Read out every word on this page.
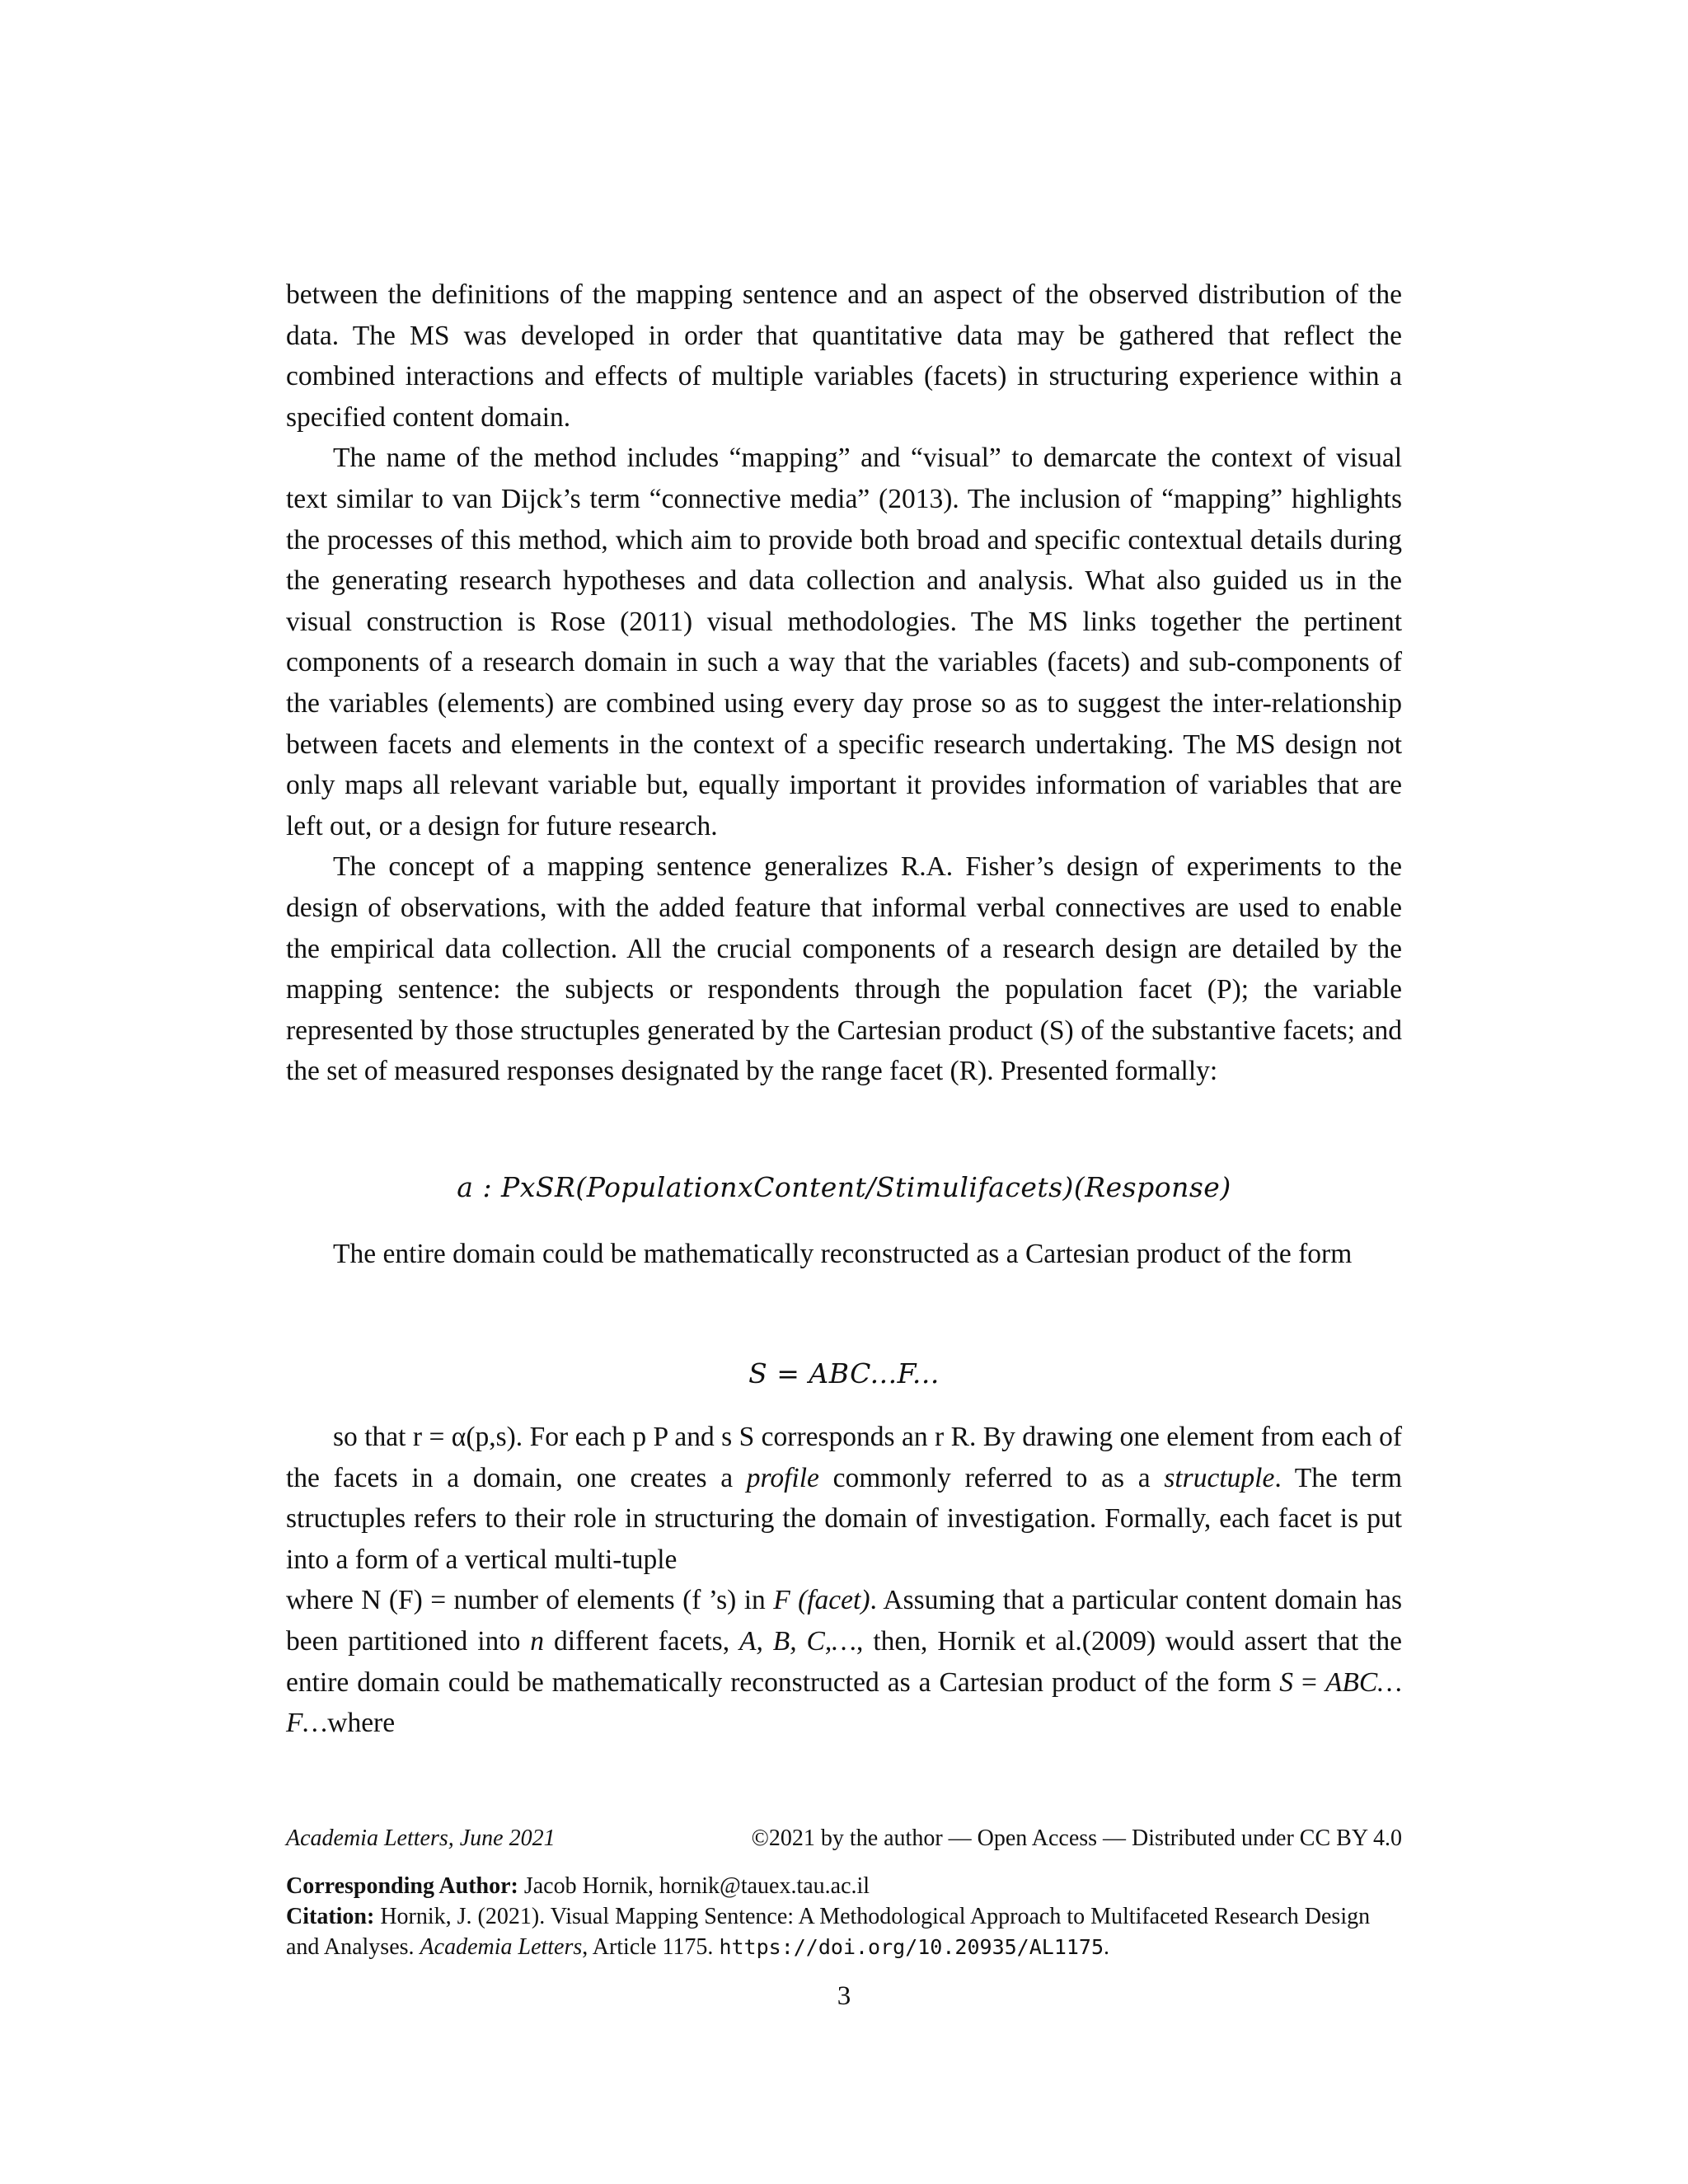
between the definitions of the mapping sentence and an aspect of the observed distribution of the data. The MS was developed in order that quantitative data may be gathered that reflect the combined interactions and effects of multiple variables (facets) in structuring experience within a specified content domain.

The name of the method includes “mapping” and “visual” to demarcate the context of visual text similar to van Dijck’s term “connective media” (2013). The inclusion of “mapping” highlights the processes of this method, which aim to provide both broad and specific contextual details during the generating research hypotheses and data collection and analysis. What also guided us in the visual construction is Rose (2011) visual methodologies. The MS links together the pertinent components of a research domain in such a way that the variables (facets) and sub-components of the variables (elements) are combined using every day prose so as to suggest the inter-relationship between facets and elements in the context of a specific research undertaking. The MS design not only maps all relevant variable but, equally important it provides information of variables that are left out, or a design for future research.

The concept of a mapping sentence generalizes R.A. Fisher’s design of experiments to the design of observations, with the added feature that informal verbal connectives are used to enable the empirical data collection. All the crucial components of a research design are detailed by the mapping sentence: the subjects or respondents through the population facet (P); the variable represented by those structuples generated by the Cartesian product (S) of the substantive facets; and the set of measured responses designated by the range facet (R). Presented formally:

a : PxSR(PopulationxContent/Stimulifacets)(Response)

The entire domain could be mathematically reconstructed as a Cartesian product of the form

S = ABC...F...

so that r = α(p,s). For each p P and s S corresponds an r R. By drawing one element from each of the facets in a domain, one creates a profile commonly referred to as a structuple. The term structuples refers to their role in structuring the domain of investigation. Formally, each facet is put into a form of a vertical multi-tuple

where N (F) = number of elements (f ’s) in F (facet). Assuming that a particular content domain has been partitioned into n different facets, A, B, C,…, then, Hornik et al.(2009) would assert that the entire domain could be mathematically reconstructed as a Cartesian product of the form S = ABC…F…where

Academia Letters, June 2021	©2021 by the author — Open Access — Distributed under CC BY 4.0
Corresponding Author: Jacob Hornik, hornik@tauex.tau.ac.il
Citation: Hornik, J. (2021). Visual Mapping Sentence: A Methodological Approach to Multifaceted Research Design and Analyses. Academia Letters, Article 1175. https://doi.org/10.20935/AL1175.
3
